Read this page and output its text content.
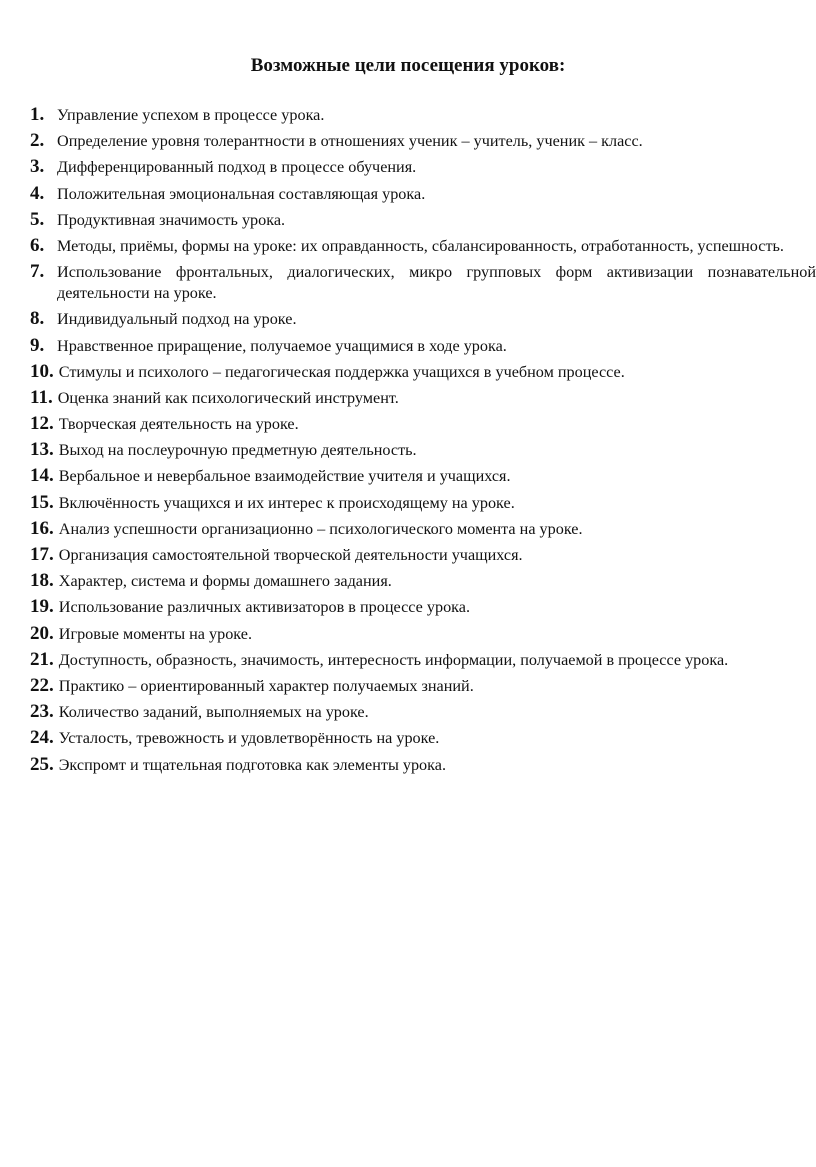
Возможные цели посещения уроков:
1. Управление успехом в процессе урока.
2. Определение уровня толерантности в отношениях ученик – учитель, ученик – класс.
3. Дифференцированный подход в процессе обучения.
4. Положительная эмоциональная составляющая урока.
5. Продуктивная значимость урока.
6. Методы, приёмы, формы на уроке: их оправданность, сбалансированность, отработанность, успешность.
7. Использование фронтальных, диалогических, микро групповых форм активизации познавательной деятельности на уроке.
8. Индивидуальный подход на уроке.
9. Нравственное приращение, получаемое учащимися в ходе урока.
10. Стимулы и психолого – педагогическая поддержка учащихся в учебном процессе.
11. Оценка знаний как психологический инструмент.
12. Творческая деятельность на уроке.
13. Выход на послеурочную предметную деятельность.
14. Вербальное и невербальное взаимодействие учителя и учащихся.
15. Включённость учащихся и их интерес к происходящему на уроке.
16. Анализ успешности организационно – психологического момента на уроке.
17. Организация самостоятельной творческой деятельности учащихся.
18. Характер, система и формы домашнего задания.
19. Использование различных активизаторов в процессе урока.
20. Игровые моменты на уроке.
21. Доступность, образность, значимость, интересность информации, получаемой в процессе урока.
22. Практико – ориентированный характер получаемых знаний.
23. Количество заданий, выполняемых на уроке.
24. Усталость, тревожность и удовлетворённость на уроке.
25. Экспромт и тщательная подготовка как элементы урока.
